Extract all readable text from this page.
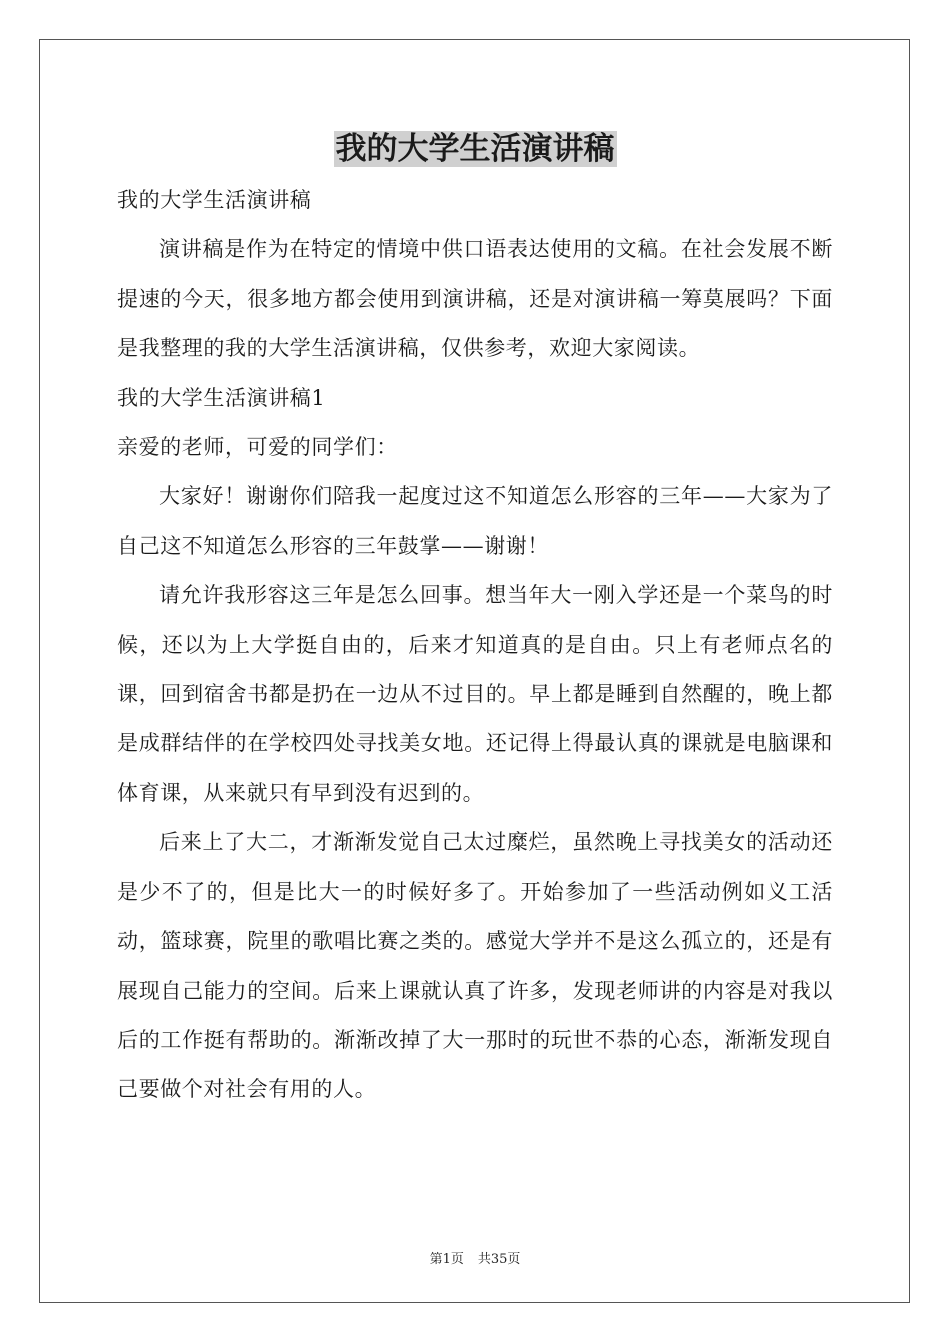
我的大学生活演讲稿

我的大学生活演讲稿

演讲稿是作为在特定的情境中供口语表达使用的文稿。在社会发展不断提速的今天，很多地方都会使用到演讲稿，还是对演讲稿一筹莫展吗？下面是我整理的我的大学生活演讲稿，仅供参考，欢迎大家阅读。

我的大学生活演讲稿1

亲爱的老师，可爱的同学们：

大家好！谢谢你们陪我一起度过这不知道怎么形容的三年——大家为了自己这不知道怎么形容的三年鼓掌——谢谢！

请允许我形容这三年是怎么回事。想当年大一刚入学还是一个菜鸟的时候，还以为上大学挺自由的，后来才知道真的是自由。只上有老师点名的课，回到宿舍书都是扔在一边从不过目的。早上都是睡到自然醒的，晚上都是成群结伴的在学校四处寻找美女地。还记得上得最认真的课就是电脑课和体育课，从来就只有早到没有迟到的。

后来上了大二，才渐渐发觉自己太过糜烂，虽然晚上寻找美女的活动还是少不了的，但是比大一的时候好多了。开始参加了一些活动例如义工活动，篮球赛，院里的歌唱比赛之类的。感觉大学并不是这么孤立的，还是有展现自己能力的空间。后来上课就认真了许多，发现老师讲的内容是对我以后的工作挺有帮助的。渐渐改掉了大一那时的玩世不恭的心态，渐渐发现自己要做个对社会有用的人。

第1页 共35页
